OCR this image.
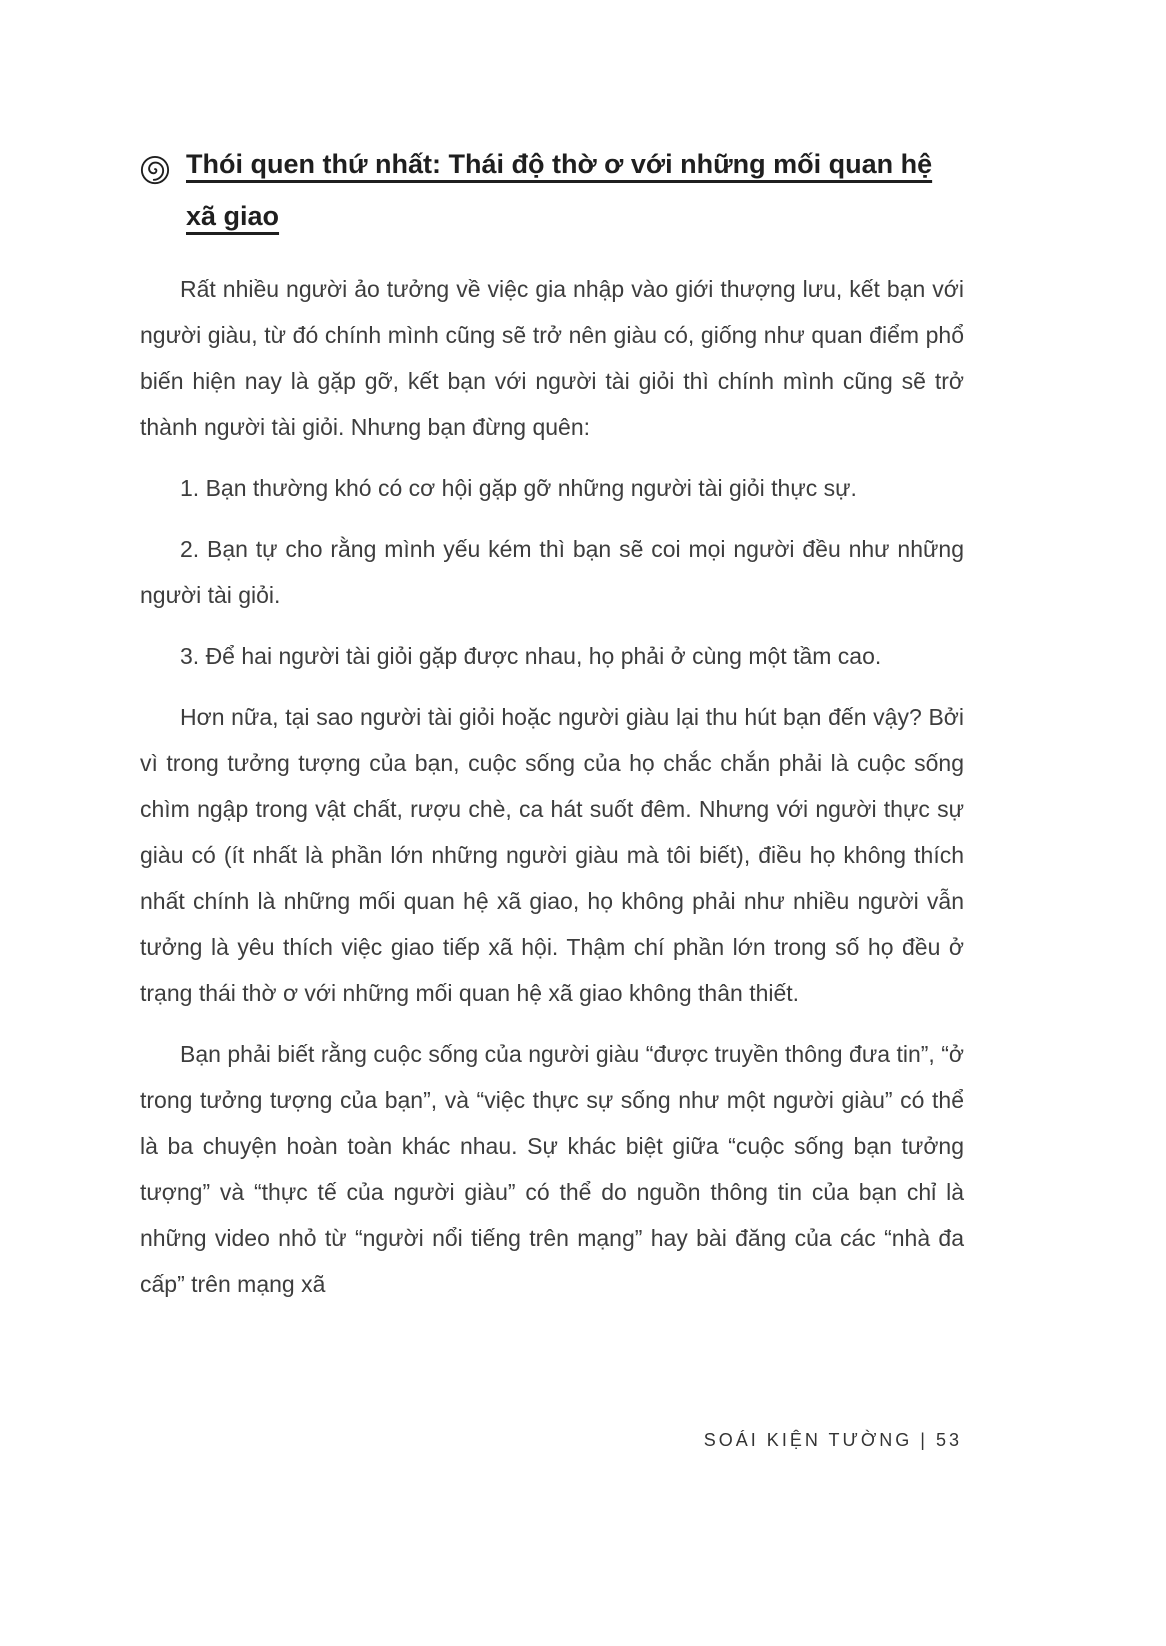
Thói quen thứ nhất: Thái độ thờ ơ với những mối quan hệ xã giao

Rất nhiều người ảo tưởng về việc gia nhập vào giới thượng lưu, kết bạn với người giàu, từ đó chính mình cũng sẽ trở nên giàu có, giống như quan điểm phổ biến hiện nay là gặp gỡ, kết bạn với người tài giỏi thì chính mình cũng sẽ trở thành người tài giỏi. Nhưng bạn đừng quên:

1. Bạn thường khó có cơ hội gặp gỡ những người tài giỏi thực sự.

2. Bạn tự cho rằng mình yếu kém thì bạn sẽ coi mọi người đều như những người tài giỏi.

3. Để hai người tài giỏi gặp được nhau, họ phải ở cùng một tầm cao.

Hơn nữa, tại sao người tài giỏi hoặc người giàu lại thu hút bạn đến vậy? Bởi vì trong tưởng tượng của bạn, cuộc sống của họ chắc chắn phải là cuộc sống chìm ngập trong vật chất, rượu chè, ca hát suốt đêm. Nhưng với người thực sự giàu có (ít nhất là phần lớn những người giàu mà tôi biết), điều họ không thích nhất chính là những mối quan hệ xã giao, họ không phải như nhiều người vẫn tưởng là yêu thích việc giao tiếp xã hội. Thậm chí phần lớn trong số họ đều ở trạng thái thờ ơ với những mối quan hệ xã giao không thân thiết.

Bạn phải biết rằng cuộc sống của người giàu “được truyền thông đưa tin”, “ở trong tưởng tượng của bạn”, và “việc thực sự sống như một người giàu” có thể là ba chuyện hoàn toàn khác nhau. Sự khác biệt giữa “cuộc sống bạn tưởng tượng” và “thực tế của người giàu” có thể do nguồn thông tin của bạn chỉ là những video nhỏ từ “người nổi tiếng trên mạng” hay bài đăng của các “nhà đa cấp” trên mạng xã

SOÁI KIỆN TƯỜNG | 53
